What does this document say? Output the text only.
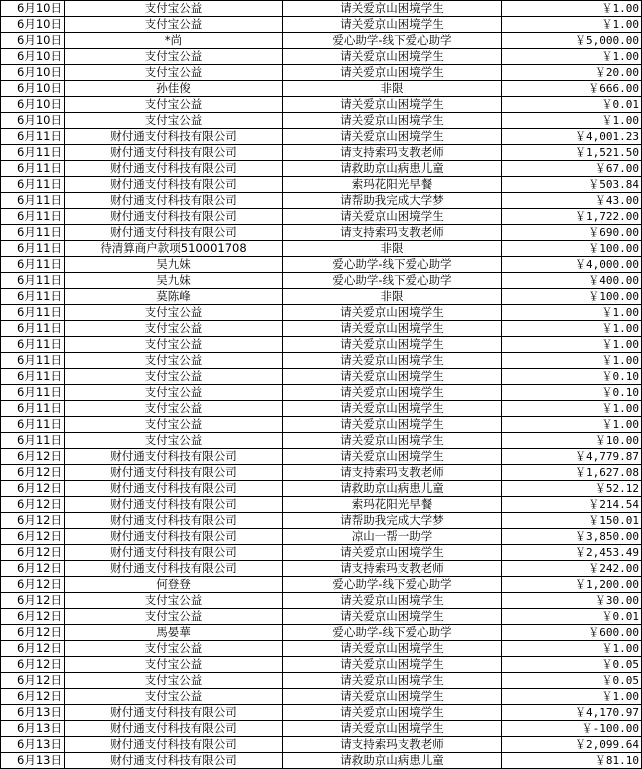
6月10日	支付宝公益	请关爱京山困境学生	￥1.00
6月10日	支付宝公益	请关爱京山困境学生	￥1.00
6月10日	*尚	爱心助学-线下爱心助学	￥5,000.00
6月10日	支付宝公益	请关爱京山困境学生	￥1.00
6月10日	支付宝公益	请关爱京山困境学生	￥20.00
6月10日	孙佳俊	非限	￥666.00
6月10日	支付宝公益	请关爱京山困境学生	￥0.01
6月10日	支付宝公益	请关爱京山困境学生	￥1.00
6月11日	财付通支付科技有限公司	请关爱京山困境学生	￥4,001.23
6月11日	财付通支付科技有限公司	请支持索玛支教老师	￥1,521.50
6月11日	财付通支付科技有限公司	请救助京山病患儿童	￥67.00
6月11日	财付通支付科技有限公司	索玛花阳光早餐	￥503.84
6月11日	财付通支付科技有限公司	请帮助我完成大学梦	￥43.00
6月11日	财付通支付科技有限公司	请关爱京山困境学生	￥1,722.00
6月11日	财付通支付科技有限公司	请支持索玛支教老师	￥690.00
6月11日	待清算商户款项510001708	非限	￥100.00
6月11日	吴九妹	爱心助学-线下爱心助学	￥4,000.00
6月11日	吴九妹	爱心助学-线下爱心助学	￥400.00
6月11日	莫陈峰	非限	￥100.00
6月11日	支付宝公益	请关爱京山困境学生	￥1.00
6月11日	支付宝公益	请关爱京山困境学生	￥1.00
6月11日	支付宝公益	请关爱京山困境学生	￥1.00
6月11日	支付宝公益	请关爱京山困境学生	￥1.00
6月11日	支付宝公益	请关爱京山困境学生	￥0.10
6月11日	支付宝公益	请关爱京山困境学生	￥0.10
6月11日	支付宝公益	请关爱京山困境学生	￥1.00
6月11日	支付宝公益	请关爱京山困境学生	￥1.00
6月11日	支付宝公益	请关爱京山困境学生	￥10.00
6月12日	财付通支付科技有限公司	请关爱京山困境学生	￥4,779.87
6月12日	财付通支付科技有限公司	请支持索玛支教老师	￥1,627.08
6月12日	财付通支付科技有限公司	请救助京山病患儿童	￥52.12
6月12日	财付通支付科技有限公司	索玛花阳光早餐	￥214.54
6月12日	财付通支付科技有限公司	请帮助我完成大学梦	￥150.01
6月12日	财付通支付科技有限公司	凉山一帮一助学	￥3,850.00
6月12日	财付通支付科技有限公司	请关爱京山困境学生	￥2,453.49
6月12日	财付通支付科技有限公司	请支持索玛支教老师	￥242.00
6月12日	何登登	爱心助学-线下爱心助学	￥1,200.00
6月12日	支付宝公益	请关爱京山困境学生	￥30.00
6月12日	支付宝公益	请关爱京山困境学生	￥0.01
6月12日	馬晏華	爱心助学-线下爱心助学	￥600.00
6月12日	支付宝公益	请关爱京山困境学生	￥1.00
6月12日	支付宝公益	请关爱京山困境学生	￥0.05
6月12日	支付宝公益	请关爱京山困境学生	￥0.05
6月12日	支付宝公益	请关爱京山困境学生	￥1.00
6月13日	财付通支付科技有限公司	请关爱京山困境学生	￥4,170.97
6月13日	财付通支付科技有限公司	请关爱京山困境学生	￥-100.00
6月13日	财付通支付科技有限公司	请支持索玛支教老师	￥2,099.64
6月13日	财付通支付科技有限公司	请救助京山病患儿童	￥81.10
